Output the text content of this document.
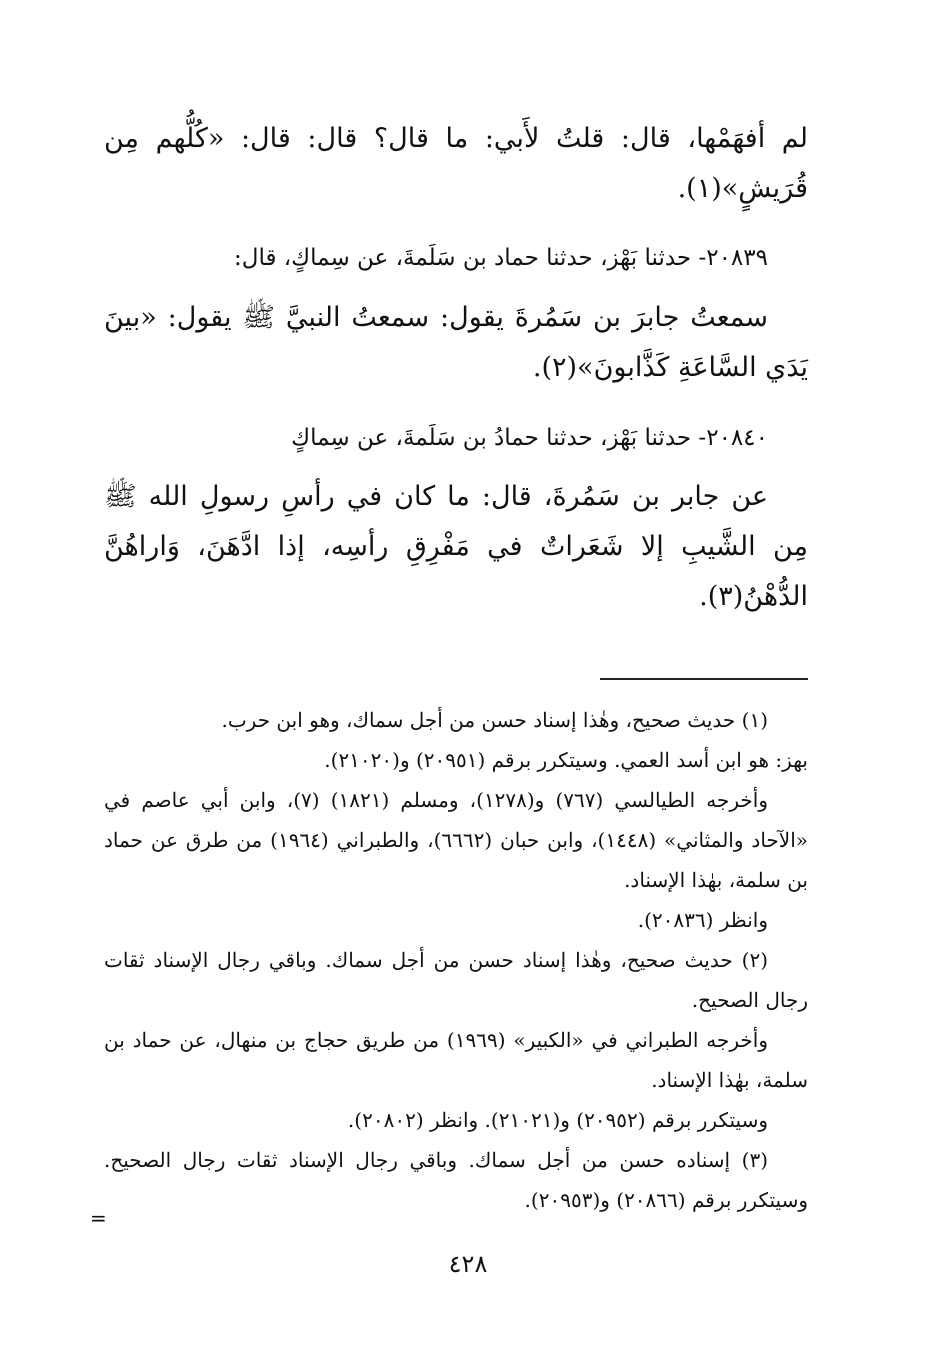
لم أفهَمْها، قال: قلتُ لأَبي: ما قال؟ قال: قال: «كُلُّهم مِن قُرَيشٍ»(١).

٢٠٨٣٩- حدثنا بَهْز، حدثنا حماد بن سَلَمةَ، عن سِماكٍ، قال:

سمعتُ جابرَ بن سَمُرةَ يقول: سمعتُ النبيَّ ﷺ يقول: «بينَ يَدَي السَّاعَةِ كَذَّابونَ»(٢).

٢٠٨٤٠- حدثنا بَهْز، حدثنا حمادُ بن سَلَمةَ، عن سِماكٍ

عن جابر بن سَمُرةَ، قال: ما كان في رأسِ رسولِ الله ﷺ مِن الشَّيبِ إلا شَعَراتٌ في مَفْرِقِ رأسِه، إذا ادَّهَنَ، وَاراهُنَّ الدُّهْنُ(٣).

(١) حديث صحيح، وهٰذا إسناد حسن من أجل سماك، وهو ابن حرب.

بهز: هو ابن أسد العمي. وسيتكرر برقم (٢٠٩٥١) و(٢١٠٢٠).

وأخرجه الطيالسي (٧٦٧) و(١٢٧٨)، ومسلم (١٨٢١) (٧)، وابن أبي عاصم في «الآحاد والمثاني» (١٤٤٨)، وابن حبان (٦٦٦٢)، والطبراني (١٩٦٤) من طرق عن حماد بن سلمة، بهٰذا الإسناد.

وانظر (٢٠٨٣٦).

(٢) حديث صحيح، وهٰذا إسناد حسن من أجل سماك. وباقي رجال الإسناد ثقات رجال الصحيح.

وأخرجه الطبراني في «الكبير» (١٩٦٩) من طريق حجاج بن منهال، عن حماد بن سلمة، بهٰذا الإسناد.

وسيتكرر برقم (٢٠٩٥٢) و(٢١٠٢١). وانظر (٢٠٨٠٢).

(٣) إسناده حسن من أجل سماك. وباقي رجال الإسناد ثقات رجال الصحيح. وسيتكرر برقم (٢٠٨٦٦) و(٢٠٩٥٣).

=
٤٢٨
